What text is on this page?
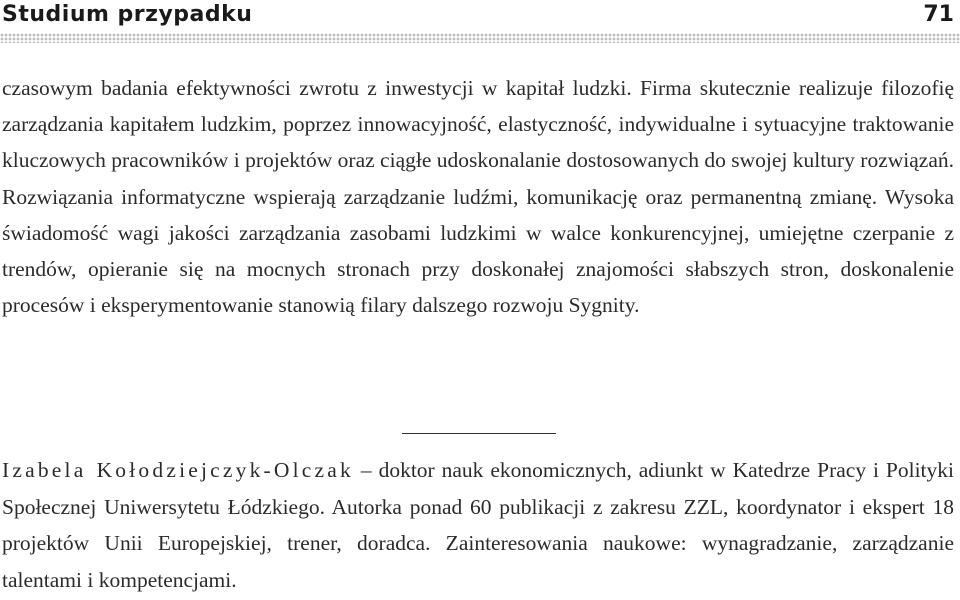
Studium przypadku	71

czasowym badania efektywności zwrotu z inwestycji w kapitał ludzki. Firma skutecznie realizuje filozofię zarządzania kapitałem ludzkim, poprzez innowacyjność, elastyczność, indywidualne i sytuacyjne traktowanie kluczowych pracowników i projektów oraz ciągłe udoskonalanie dostosowanych do swojej kultury rozwiązań. Rozwiązania informatyczne wspierają zarządzanie ludźmi, komunikację oraz permanentną zmianę. Wysoka świadomość wagi jakości zarządzania zasobami ludzkimi w walce konkurencyjnej, umiejętne czerpanie z trendów, opieranie się na mocnych stronach przy doskonałej znajomości słabszych stron, doskonalenie procesów i eksperymentowanie stanowią filary dalszego rozwoju Sygnity.

Izabela Kołodziejczyk-Olczak – doktor nauk ekonomicznych, adiunkt w Katedrze Pracy i Polityki Społecznej Uniwersytetu Łódzkiego. Autorka ponad 60 publikacji z zakresu ZZL, koordynator i ekspert 18 projektów Unii Europejskiej, trener, doradca. Zainteresowania naukowe: wynagradzanie, zarządzanie talentami i kompetencjami.
